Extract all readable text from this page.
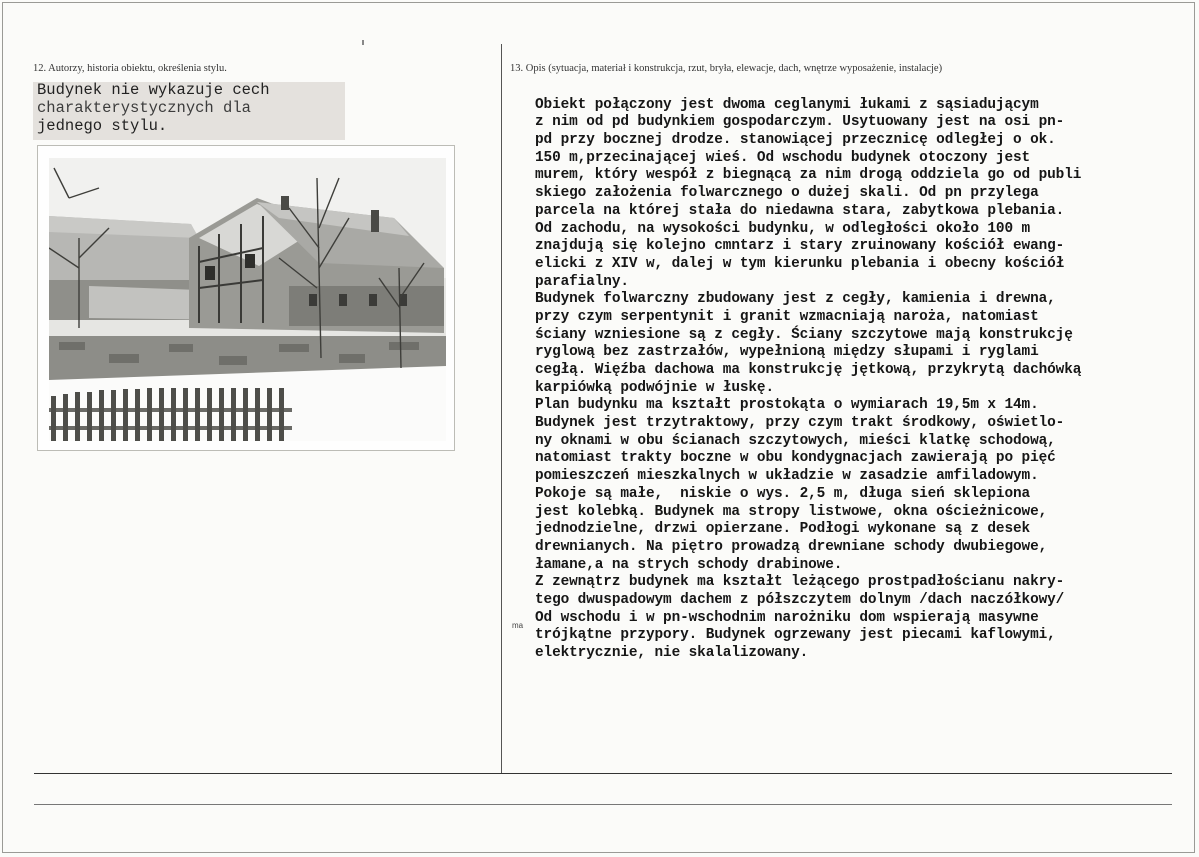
12. Autorzy, historia obiektu, określenia stylu.	13. Opis (sytuacja, materiał i konstrukcja, rzut, bryła, elewacje, dach, wnętrze wyposażenie, instalacje)
Budynek nie wykazuje cech
charakterystycznych dla
jednego stylu.
ma

Obiekt połączony jest dwoma ceglanymi łukami z sąsiadującym
z nim od pd budynkiem gospodarczym. Usytuowany jest na osi pn-
pd przy bocznej drodze. stanowiącej przecznicę odległej o ok.
150 m,przecinającej wieś. Od wschodu budynek otoczony jest
murem, który wespół z biegnącą za nim drogą oddziela go od publi
skiego założenia folwarcznego o dużej skali. Od pn przylega
parcela na której stała do niedawna stara, zabytkowa plebania.
Od zachodu, na wysokości budynku, w odległości około 100 m
znajdują się kolejno cmntarz i stary zruinowany kościół ewang-
elicki z XIV w, dalej w tym kierunku plebania i obecny kościół
parafialny.
Budynek folwarczny zbudowany jest z cegły, kamienia i drewna,
przy czym serpentynit i granit wzmacniają naroża, natomiast
ściany wzniesione są z cegły. Ściany szczytowe mają konstrukcję
ryglową bez zastrzałów, wypełnioną między słupami i ryglami
cegłą. Więźba dachowa ma konstrukcję jętkową, przykrytą dachówką
karpiówką podwójnie w łuskę.
Plan budynku ma kształt prostokąta o wymiarach 19,5m x 14m.
Budynek jest trzytraktowy, przy czym trakt środkowy, oświetlo-
ny oknami w obu ścianach szczytowych, mieści klatkę schodową,
natomiast trakty boczne w obu kondygnacjach zawierają po pięć
pomieszczeń mieszkalnych w układzie w zasadzie amfiladowym.
Pokoje są małe,  niskie o wys. 2,5 m, długa sień sklepiona
jest kolebką. Budynek ma stropy listwowe, okna ościeżnicowe,
jednodzielne, drzwi opierzane. Podłogi wykonane są z desek
drewnianych. Na piętro prowadzą drewniane schody dwubiegowe,
łamane,a na strych schody drabinowe.
Z zewnątrz budynek ma kształt leżącego prostpadłościanu nakry-
tego dwuspadowym dachem z półszczytem dolnym /dach naczółkowy/
Od wschodu i w pn-wschodnim narożniku dom wspierają masywne
trójkątne przypory. Budynek ogrzewany jest piecami kaflowymi,
elektrycznie, nie skalalizowany.
